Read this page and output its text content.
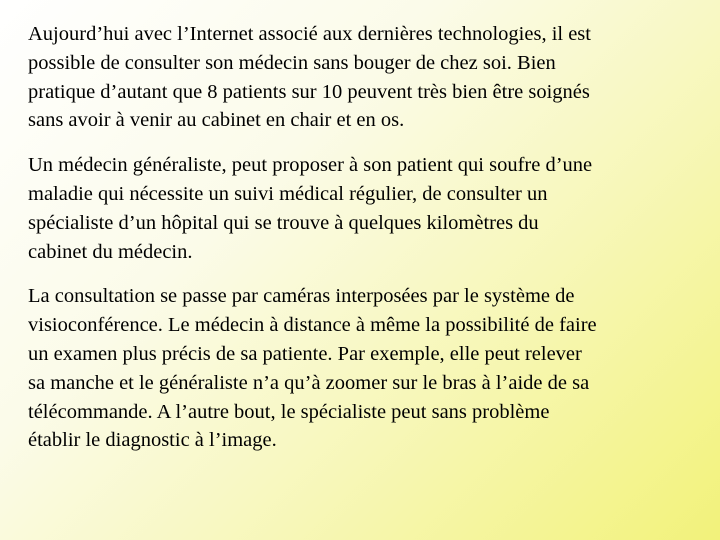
Aujourd’hui avec l’Internet associé aux dernières technologies, il est
possible de consulter son médecin sans bouger de chez soi. Bien
pratique d’autant que 8 patients sur 10 peuvent très bien être soignés
sans avoir à venir au cabinet en chair et en os.

Un médecin généraliste, peut proposer à son patient qui soufre d’une
maladie qui nécessite un suivi médical régulier, de consulter un
spécialiste d’un hôpital qui se trouve à quelques kilomètres du
cabinet du médecin.

La consultation se passe par caméras interposées par le système de
visioconférence. Le médecin à distance à même la possibilité de faire
un examen plus précis de sa patiente. Par exemple, elle peut relever
sa manche et le généraliste n’a qu’à zoomer sur le bras à l’aide de sa
télécommande. A l’autre bout, le spécialiste peut sans problème
établir le diagnostic à l’image.
